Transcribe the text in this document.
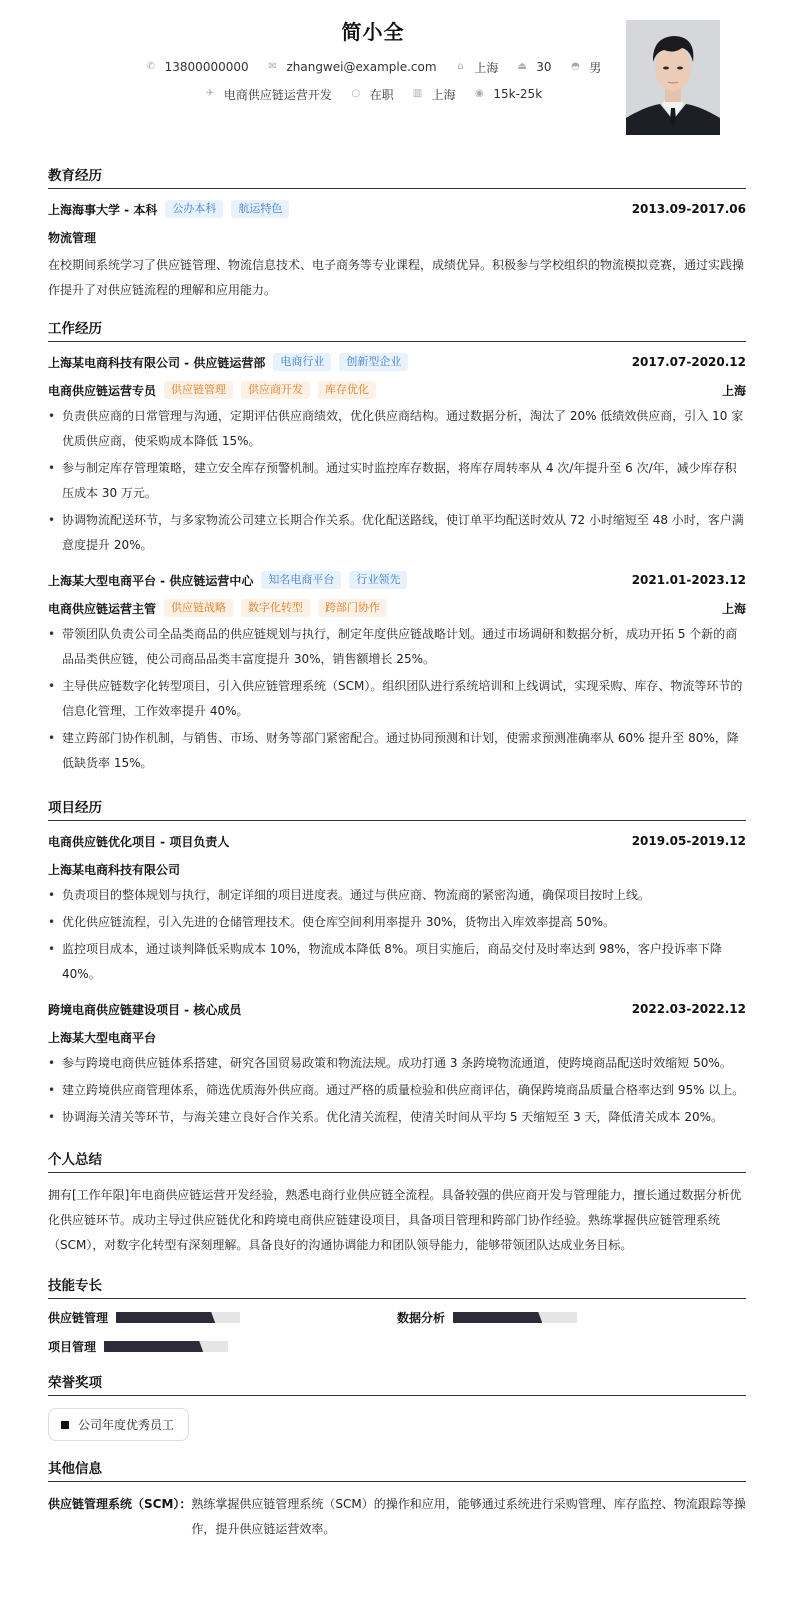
简小全
✆ 13800000000
✉ zhangwei@example.com
⌂ 上海
⏏ 30
◓ 男
✈ 电商供应链运营开发
○ 在职
▥ 上海
◉ 15k-25k
教育经历
上海海事大学 - 本科	公办本科	航运特色	2013.09-2017.06
物流管理
在校期间系统学习了供应链管理、物流信息技术、电子商务等专业课程，成绩优异。积极参与学校组织的物流模拟竞赛，通过实践操作提升了对供应链流程的理解和应用能力。
工作经历
上海某电商科技有限公司 - 供应链运营部	电商行业	创新型企业	2017.07-2020.12
电商供应链运营专员	供应链管理	供应商开发	库存优化	上海
• 负责供应商的日常管理与沟通，定期评估供应商绩效，优化供应商结构。通过数据分析，淘汰了 20% 低绩效供应商，引入 10 家优质供应商，使采购成本降低 15%。
• 参与制定库存管理策略，建立安全库存预警机制。通过实时监控库存数据，将库存周转率从 4 次/年提升至 6 次/年，减少库存积压成本 30 万元。
• 协调物流配送环节，与多家物流公司建立长期合作关系。优化配送路线，使订单平均配送时效从 72 小时缩短至 48 小时，客户满意度提升 20%。
上海某大型电商平台 - 供应链运营中心	知名电商平台	行业领先	2021.01-2023.12
电商供应链运营主管	供应链战略	数字化转型	跨部门协作	上海
• 带领团队负责公司全品类商品的供应链规划与执行，制定年度供应链战略计划。通过市场调研和数据分析，成功开拓 5 个新的商品品类供应链，使公司商品品类丰富度提升 30%，销售额增长 25%。
• 主导供应链数字化转型项目，引入供应链管理系统（SCM）。组织团队进行系统培训和上线调试，实现采购、库存、物流等环节的信息化管理，工作效率提升 40%。
• 建立跨部门协作机制，与销售、市场、财务等部门紧密配合。通过协同预测和计划，使需求预测准确率从 60% 提升至 80%，降低缺货率 15%。
项目经历
电商供应链优化项目 - 项目负责人	2019.05-2019.12
上海某电商科技有限公司
• 负责项目的整体规划与执行，制定详细的项目进度表。通过与供应商、物流商的紧密沟通，确保项目按时上线。
• 优化供应链流程，引入先进的仓储管理技术。使仓库空间利用率提升 30%，货物出入库效率提高 50%。
• 监控项目成本，通过谈判降低采购成本 10%，物流成本降低 8%。项目实施后，商品交付及时率达到 98%，客户投诉率下降 40%。
跨境电商供应链建设项目 - 核心成员	2022.03-2022.12
上海某大型电商平台
• 参与跨境电商供应链体系搭建，研究各国贸易政策和物流法规。成功打通 3 条跨境物流通道，使跨境商品配送时效缩短 50%。
• 建立跨境供应商管理体系，筛选优质海外供应商。通过严格的质量检验和供应商评估，确保跨境商品质量合格率达到 95% 以上。
• 协调海关清关等环节，与海关建立良好合作关系。优化清关流程，使清关时间从平均 5 天缩短至 3 天，降低清关成本 20%。
个人总结
拥有[工作年限]年电商供应链运营开发经验，熟悉电商行业供应链全流程。具备较强的供应商开发与管理能力，擅长通过数据分析优化供应链环节。成功主导过供应链优化和跨境电商供应链建设项目，具备项目管理和跨部门协作经验。熟练掌握供应链管理系统（SCM），对数字化转型有深刻理解。具备良好的沟通协调能力和团队领导能力，能够带领团队达成业务目标。
技能专长
供应链管理	数据分析
项目管理
荣誉奖项
公司年度优秀员工
其他信息
供应链管理系统（SCM）： 熟练掌握供应链管理系统（SCM）的操作和应用，能够通过系统进行采购管理、库存监控、物流跟踪等操作，提升供应链运营效率。
